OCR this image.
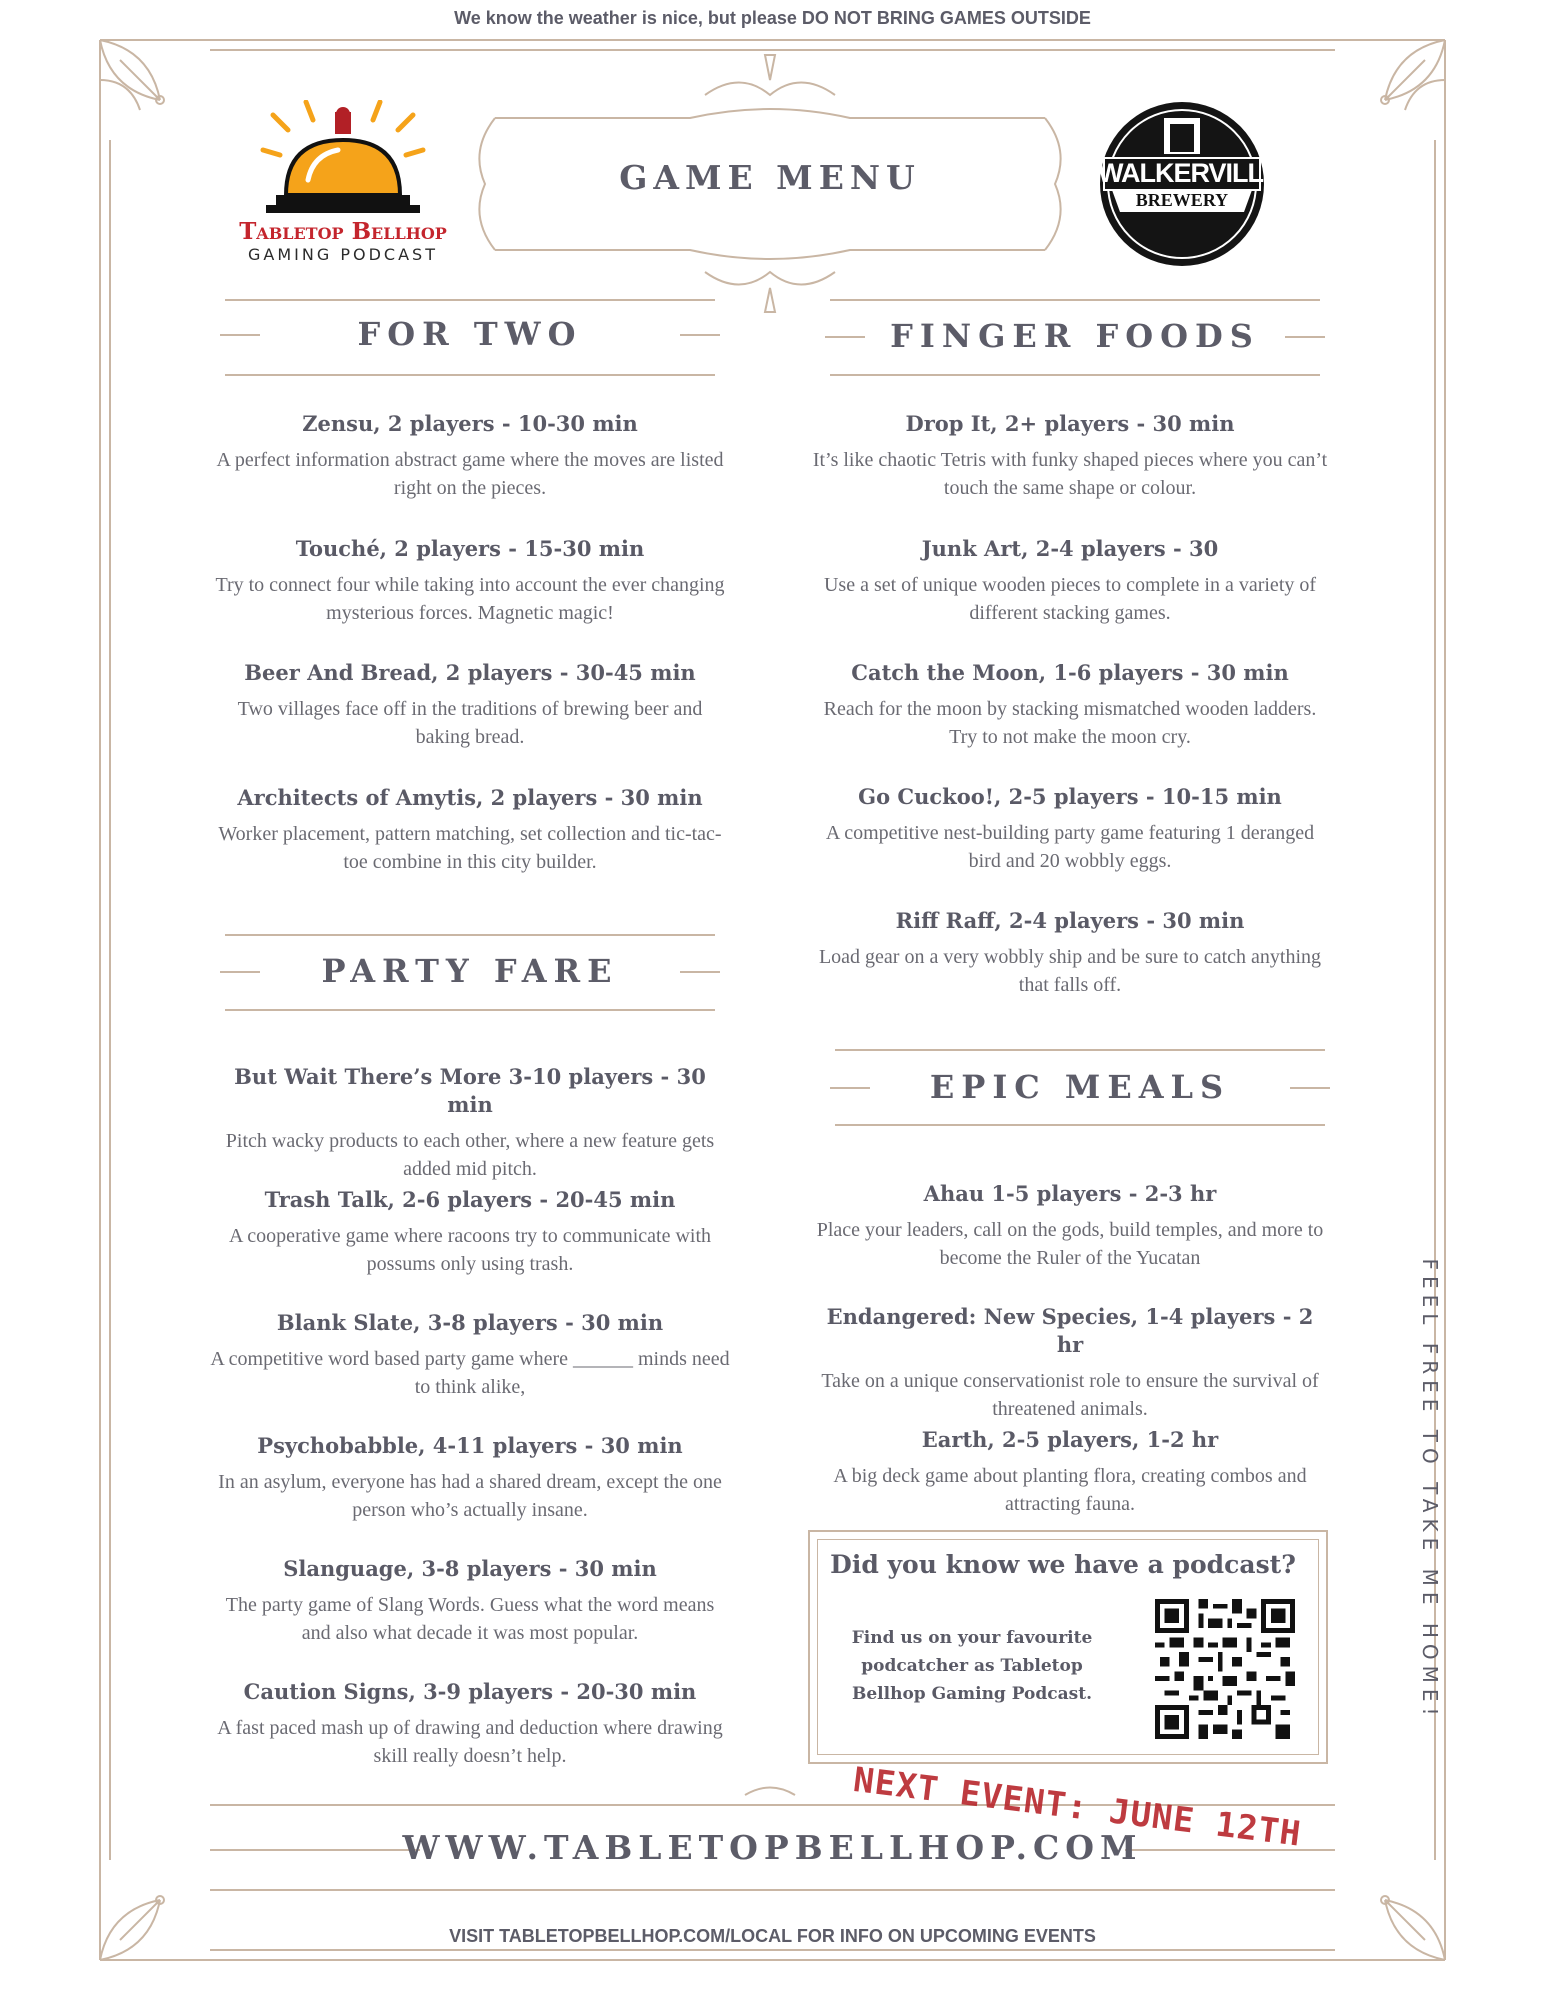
We know the weather is nice, but please DO NOT BRING GAMES OUTSIDE
Tabletop Bellhop
GAMING PODCAST
WALKERVILLE
BREWERY
GAME MENU
FOR TWO	FINGER FOODS
PARTY FARE
EPIC MEALS
Zensu, 2 players - 10-30 min
A perfect information abstract game where the moves are listed right on the pieces.
Touché, 2 players - 15-30 min
Try to connect four while taking into account the ever changing mysterious forces. Magnetic magic!
Beer And Bread, 2 players - 30-45 min
Two villages face off in the traditions of brewing beer and baking bread.
Architects of Amytis, 2 players - 30 min
Worker placement, pattern matching, set collection and tic-tac-toe combine in this city builder.
But Wait There’s More 3-10 players - 30 min
Pitch wacky products to each other, where a new feature gets added mid pitch.
Trash Talk, 2-6 players - 20-45 min
A cooperative game where racoons try to communicate with possums only using trash.
Blank Slate, 3-8 players - 30 min
A competitive word based party game where ______ minds need to think alike,
Psychobabble, 4-11 players - 30 min
In an asylum, everyone has had a shared dream, except the one person who’s actually insane.
Slanguage, 3-8 players - 30 min
The party game of Slang Words. Guess what the word means and also what decade it was most popular.
Caution Signs, 3-9 players - 20-30 min
A fast paced mash up of drawing and deduction where drawing skill really doesn’t help.
Drop It, 2+ players - 30 min
It’s like chaotic Tetris with funky shaped pieces where you can’t touch the same shape or colour.
Junk Art, 2-4 players - 30
Use a set of unique wooden pieces to complete in a variety of different stacking games.
Catch the Moon, 1-6 players - 30 min
Reach for the moon by stacking mismatched wooden ladders. Try to not make the moon cry.
Go Cuckoo!, 2-5 players - 10-15 min
A competitive nest-building party game featuring 1 deranged bird and 20 wobbly eggs.
Riff Raff, 2-4 players - 30 min
Load gear on a very wobbly ship and be sure to catch anything that falls off.
Ahau 1-5 players - 2-3 hr
Place your leaders, call on the gods, build temples, and more to become the Ruler of the Yucatan
Endangered: New Species, 1-4 players - 2 hr
Take on a unique conservationist role to ensure the survival of threatened animals.
Earth, 2-5 players, 1-2 hr
A big deck game about planting flora, creating combos and attracting fauna.
Did you know we have a podcast?
Find us on your favourite podcatcher as Tabletop Bellhop Gaming Podcast.
NEXT EVENT: JUNE 12TH
WWW.TABLETOPBELLHOP.COM
VISIT TABLETOPBELLHOP.COM/LOCAL FOR INFO ON UPCOMING EVENTS
FEEL FREE TO TAKE ME HOME!
